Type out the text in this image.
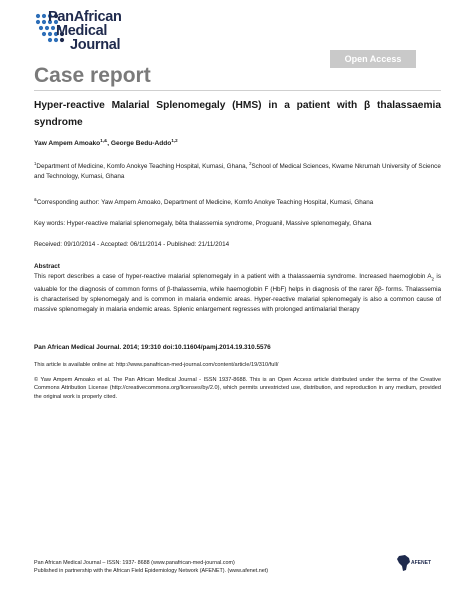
PanAfrican
Medical
Journal
Open Access
Case report
Hyper-reactive Malarial Splenomegaly (HMS) in a patient with β thalassaemia syndrome
Yaw Ampem Amoako$^{1,\&}$, George Bedu-Addo$^{1,2}$
$^1$Department of Medicine, Komfo Anokye Teaching Hospital, Kumasi, Ghana, $^2$School of Medical Sciences, Kwame Nkrumah University of Science and Technology, Kumasi, Ghana
&Corresponding author: Yaw Ampem Amoako, Department of Medicine, Komfo Anokye Teaching Hospital, Kumasi, Ghana
Key words: Hyper-reactive malarial splenomegaly, bêta thalassemia syndrome, Proguanil, Massive splenomegaly, Ghana
Received: 09/10/2014 - Accepted: 06/11/2014 - Published: 21/11/2014
Abstract
This report describes a case of hyper-reactive malarial splenomegaly in a patient with a thalassaemia syndrome. Increased haemoglobin $A_2$ is valuable for the diagnosis of common forms of β-thalassemia, while haemoglobin F (HbF) helps in diagnosis of the rarer δβ- forms. Thalassemia is characterised by splenomegaly and is common in malaria endemic areas. Hyper-reactive malarial splenomegaly is also a common cause of massive splenomegaly in malaria endemic areas. Splenic enlargement regresses with prolonged antimalarial therapy
Pan African Medical Journal. 2014; 19:310 doi:10.11604/pamj.2014.19.310.5576
This article is available online at: http://www.panafrican-med-journal.com/content/article/19/310/full/
© Yaw Ampem Amoako et al. The Pan African Medical Journal - ISSN 1937-8688. This is an Open Access article distributed under the terms of the Creative Commons Attribution License (http://creativecommons.org/licenses/by/2.0), which permits unrestricted use, distribution, and reproduction in any medium, provided the original work is properly cited.
Pan African Medical Journal – ISSN: 1937- 8688 (www.panafrican-med-journal.com)
Published in partnership with the African Field Epidemiology Network (AFENET). (www.afenet.net)
AFENET
